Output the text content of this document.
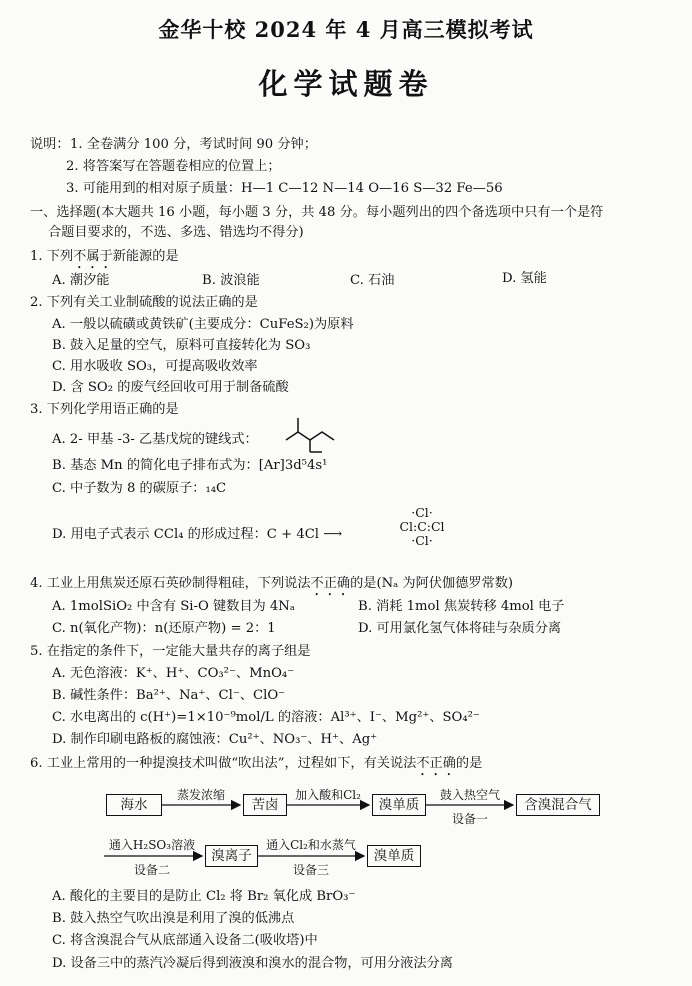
金华十校 2024 年 4 月高三模拟考试
化学试题卷
说明： 1. 全卷满分 100 分，考试时间 90 分钟；
2. 将答案写在答题卷相应的位置上；
3. 可能用到的相对原子质量：H—1 C—12 N—14 O—16 S—32 Fe—56
一、选择题(本大题共 16 小题，每小题 3 分，共 48 分。每小题列出的四个备选项中只有一个是符
合题目要求的，不选、多选、错选均不得分)
1. 下列不属于新能源的是
A. 潮汐能	B. 波浪能	C. 石油	D. 氢能
2. 下列有关工业制硫酸的说法正确的是
A. 一般以硫磺或黄铁矿(主要成分：CuFeS₂)为原料
B. 鼓入足量的空气，原料可直接转化为 SO₃
C. 用水吸收 SO₃，可提高吸收效率
D. 含 SO₂ 的废气经回收可用于制备硫酸
3. 下列化学用语正确的是
A. 2- 甲基 -3- 乙基戊烷的键线式：
B. 基态 Mn 的简化电子排布式为：[Ar]3d⁵4s¹
C. 中子数为 8 的碳原子：₁₄C
D. 用电子式表示 CCl₄ 的形成过程：C + 4Cl ⟶
·Cl·
Cl:C:Cl
·Cl·
4. 工业上用焦炭还原石英砂制得粗硅，下列说法不正确的是(Nₐ 为阿伏伽德罗常数)
A. 1molSiO₂ 中含有 Si-O 键数目为 4Nₐ	B. 消耗 1mol 焦炭转移 4mol 电子
C. n(氧化产物)：n(还原产物) = 2：1	D. 可用氯化氢气体将硅与杂质分离
5. 在指定的条件下，一定能大量共存的离子组是
A. 无色溶液：K⁺、H⁺、CO₃²⁻、MnO₄⁻
B. 碱性条件：Ba²⁺、Na⁺、Cl⁻、ClO⁻
C. 水电离出的 c(H⁺)=1×10⁻⁹mol/L 的溶液：Al³⁺、I⁻、Mg²⁺、SO₄²⁻
D. 制作印刷电路板的腐蚀液：Cu²⁺、NO₃⁻、H⁺、Ag⁺
6. 工业上常用的一种提溴技术叫做“吹出法”，过程如下，有关说法不正确的是
海水
蒸发浓缩
苦卤
加入酸和Cl₂
溴单质
鼓入热空气
设备一
含溴混合气
通入H₂SO₃溶液
设备二
溴离子
通入Cl₂和水蒸气
设备三
溴单质
A. 酸化的主要目的是防止 Cl₂ 将 Br₂ 氧化成 BrO₃⁻
B. 鼓入热空气吹出溴是利用了溴的低沸点
C. 将含溴混合气从底部通入设备二(吸收塔)中
D. 设备三中的蒸汽冷凝后得到液溴和溴水的混合物，可用分液法分离
